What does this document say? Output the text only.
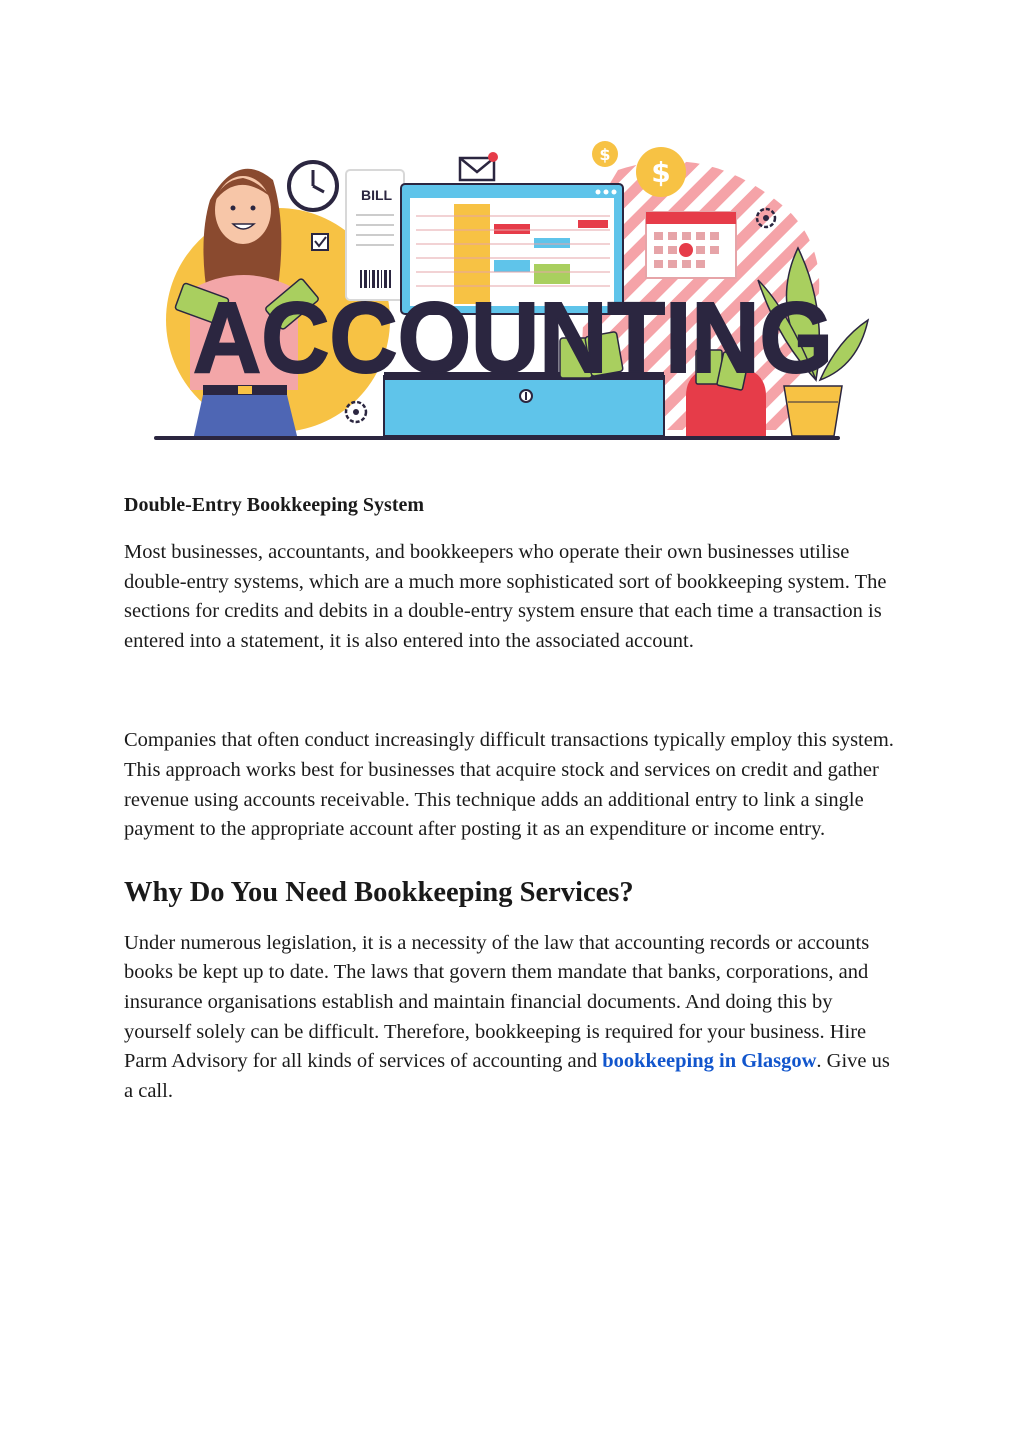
BILL
$
$
ACCOUNTING
Double-Entry Bookkeeping System

Most businesses, accountants, and bookkeepers who operate their own businesses utilise double-entry systems, which are a much more sophisticated sort of bookkeeping system. The sections for credits and debits in a double-entry system ensure that each time a transaction is entered into a statement, it is also entered into the associated account.

Companies that often conduct increasingly difficult transactions typically employ this system. This approach works best for businesses that acquire stock and services on credit and gather revenue using accounts receivable. This technique adds an additional entry to link a single payment to the appropriate account after posting it as an expenditure or income entry.

Why Do You Need Bookkeeping Services?

Under numerous legislation, it is a necessity of the law that accounting records or accounts books be kept up to date. The laws that govern them mandate that banks, corporations, and insurance organisations establish and maintain financial documents. And doing this by yourself solely can be difficult. Therefore, bookkeeping is required for your business. Hire Parm Advisory for all kinds of services of accounting and bookkeeping in Glasgow. Give us a call.
